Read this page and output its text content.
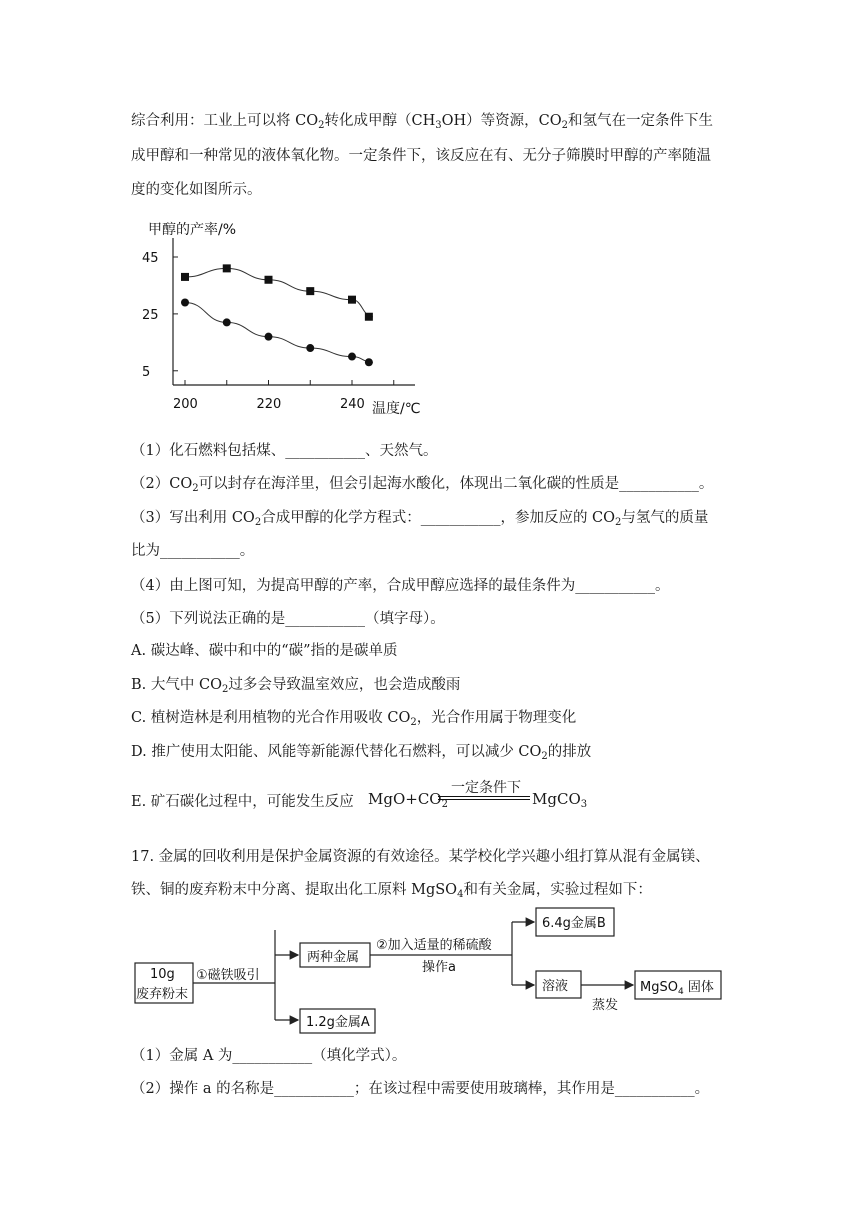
综合利用：工业上可以将 $CO_2$转化成甲醇$(CH_3OH)$等资源，$CO_2$和氢气在一定条件下生
成甲醇和一种常见的液体氧化物。一定条件下，该反应在有、无分子筛膜时甲醇的产率随温
度的变化如图所示。
甲醇的产率/%
温度/℃
45
25
5
200	220	240
（1）化石燃料包括煤、___________、天然气。
$(2)CO_2$可以封存在海洋里，但会引起海水酸化，体现出二氧化碳的性质是___________。
（3）写出利用 $CO_2$合成甲醇的化学方程式：___________，参加反应的 $CO_2$与氢气的质量
比为___________。
（4）由上图可知，为提高甲醇的产率，合成甲醇应选择的最佳条件为___________。
（5）下列说法正确的是___________（填字母）。
A. 碳达峰、碳中和中的“碳”指的是碳单质
B. 大气中 $CO_2$过多会导致温室效应，也会造成酸雨
C. 植树造林是利用植物的光合作用吸收 $CO_2$，光合作用属于物理变化
D. 推广使用太阳能、风能等新能源代替化石燃料，可以减少 $CO_2$的排放
E. 矿石碳化过程中，可能发生反应 $MgO+CO_2$
一定条件下
MgCO$_3$
17. 金属的回收利用是保护金属资源的有效途径。某学校化学兴趣小组打算从混有金属镁、
铁、铜的废弃粉末中分离、提取出化工原料 MgSO$_4$和有关金属，实验过程如下：
10g
废弃粉末
①磁铁吸引
两种金属
1.2g金属A
②加入适量的稀硫酸
操作a
6.4g金属B
溶液
蒸发
MgSO$_4$ 固体
（1）金属 A 为___________（填化学式）。
（2）操作 a 的名称是___________；在该过程中需要使用玻璃棒，其作用是___________。
